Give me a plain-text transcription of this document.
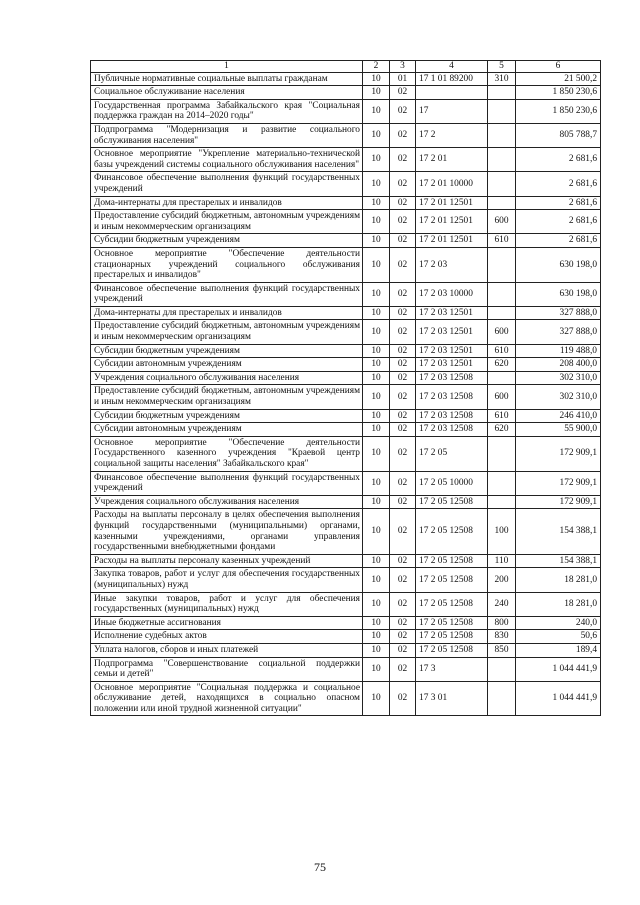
1	2	3	4	5	6
Публичные нормативные социальные выплаты гражданам	10	01	17 1 01 89200	310	21 500,2
Социальное обслуживание населения	10	02			1 850 230,6
Государственная программа Забайкальского края "Социальная поддержка граждан на 2014–2020 годы"	10	02	17		1 850 230,6
Подпрограмма "Модернизация и развитие социального обслуживания населения"	10	02	17 2		805 788,7
Основное мероприятие "Укрепление материально-технической базы учреждений системы социального обслуживания населения"	10	02	17 2 01		2 681,6
Финансовое обеспечение выполнения функций государственных учреждений	10	02	17 2 01 10000		2 681,6
Дома-интернаты для престарелых и инвалидов	10	02	17 2 01 12501		2 681,6
Предоставление субсидий бюджетным, автономным учреждениям и иным некоммерческим организациям	10	02	17 2 01 12501	600	2 681,6
Субсидии бюджетным учреждениям	10	02	17 2 01 12501	610	2 681,6
Основное мероприятие "Обеспечение деятельности стационарных учреждений социального обслуживания престарелых и инвалидов"	10	02	17 2 03		630 198,0
Финансовое обеспечение выполнения функций государственных учреждений	10	02	17 2 03 10000		630 198,0
Дома-интернаты для престарелых и инвалидов	10	02	17 2 03 12501		327 888,0
Предоставление субсидий бюджетным, автономным учреждениям и иным некоммерческим организациям	10	02	17 2 03 12501	600	327 888,0
Субсидии бюджетным учреждениям	10	02	17 2 03 12501	610	119 488,0
Субсидии автономным учреждениям	10	02	17 2 03 12501	620	208 400,0
Учреждения социального обслуживания населения	10	02	17 2 03 12508		302 310,0
Предоставление субсидий бюджетным, автономным учреждениям и иным некоммерческим организациям	10	02	17 2 03 12508	600	302 310,0
Субсидии бюджетным учреждениям	10	02	17 2 03 12508	610	246 410,0
Субсидии автономным учреждениям	10	02	17 2 03 12508	620	55 900,0
Основное мероприятие "Обеспечение деятельности Государственного казенного учреждения "Краевой центр социальной защиты населения" Забайкальского края"	10	02	17 2 05		172 909,1
Финансовое обеспечение выполнения функций государственных учреждений	10	02	17 2 05 10000		172 909,1
Учреждения социального обслуживания населения	10	02	17 2 05 12508		172 909,1
Расходы на выплаты персоналу в целях обеспечения выполнения функций государственными (муниципальными) органами, казенными учреждениями, органами управления государственными внебюджетными фондами	10	02	17 2 05 12508	100	154 388,1
Расходы на выплаты персоналу казенных учреждений	10	02	17 2 05 12508	110	154 388,1
Закупка товаров, работ и услуг для обеспечения государственных (муниципальных) нужд	10	02	17 2 05 12508	200	18 281,0
Иные закупки товаров, работ и услуг для обеспечения государственных (муниципальных) нужд	10	02	17 2 05 12508	240	18 281,0
Иные бюджетные ассигнования	10	02	17 2 05 12508	800	240,0
Исполнение судебных актов	10	02	17 2 05 12508	830	50,6
Уплата налогов, сборов и иных платежей	10	02	17 2 05 12508	850	189,4
Подпрограмма "Совершенствование социальной поддержки семьи и детей"	10	02	17 3		1 044 441,9
Основное мероприятие "Социальная поддержка и социальное обслуживание детей, находящихся в социально опасном положении или иной трудной жизненной ситуации"	10	02	17 3 01		1 044 441,9
75
